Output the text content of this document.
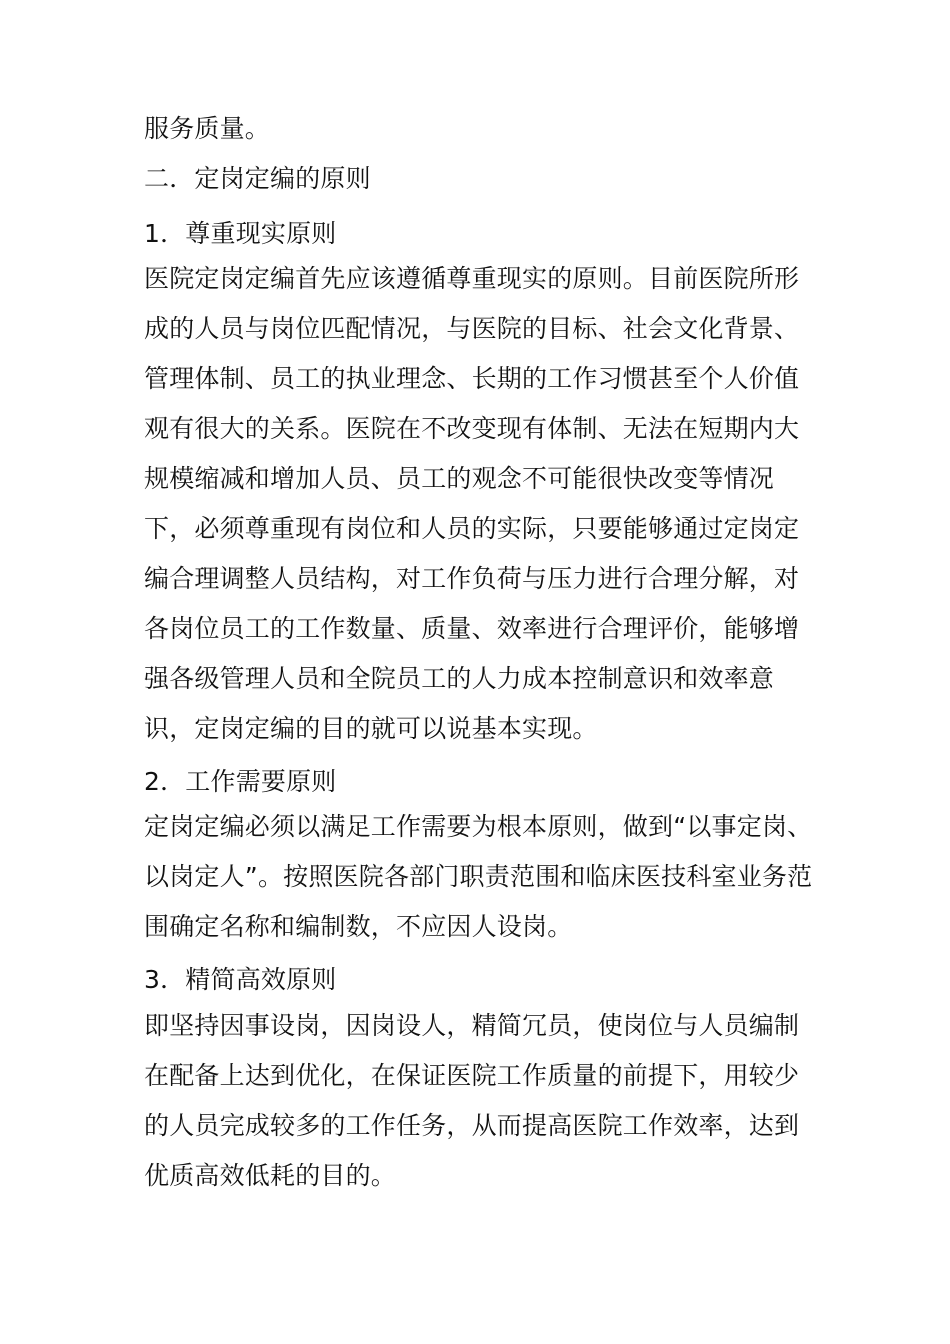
服务质量。
二．定岗定编的原则
1．尊重现实原则
医院定岗定编首先应该遵循尊重现实的原则。目前医院所形
成的人员与岗位匹配情况，与医院的目标、社会文化背景、
管理体制、员工的执业理念、长期的工作习惯甚至个人价值
观有很大的关系。医院在不改变现有体制、无法在短期内大
规模缩减和增加人员、员工的观念不可能很快改变等情况
下，必须尊重现有岗位和人员的实际，只要能够通过定岗定
编合理调整人员结构，对工作负荷与压力进行合理分解，对
各岗位员工的工作数量、质量、效率进行合理评价，能够增
强各级管理人员和全院员工的人力成本控制意识和效率意
识，定岗定编的目的就可以说基本实现。
2．工作需要原则
定岗定编必须以满足工作需要为根本原则，做到“以事定岗、
以岗定人”。按照医院各部门职责范围和临床医技科室业务范
围确定名称和编制数，不应因人设岗。
3．精简高效原则
即坚持因事设岗，因岗设人，精简冗员，使岗位与人员编制
在配备上达到优化，在保证医院工作质量的前提下，用较少
的人员完成较多的工作任务，从而提高医院工作效率，达到
优质高效低耗的目的。
